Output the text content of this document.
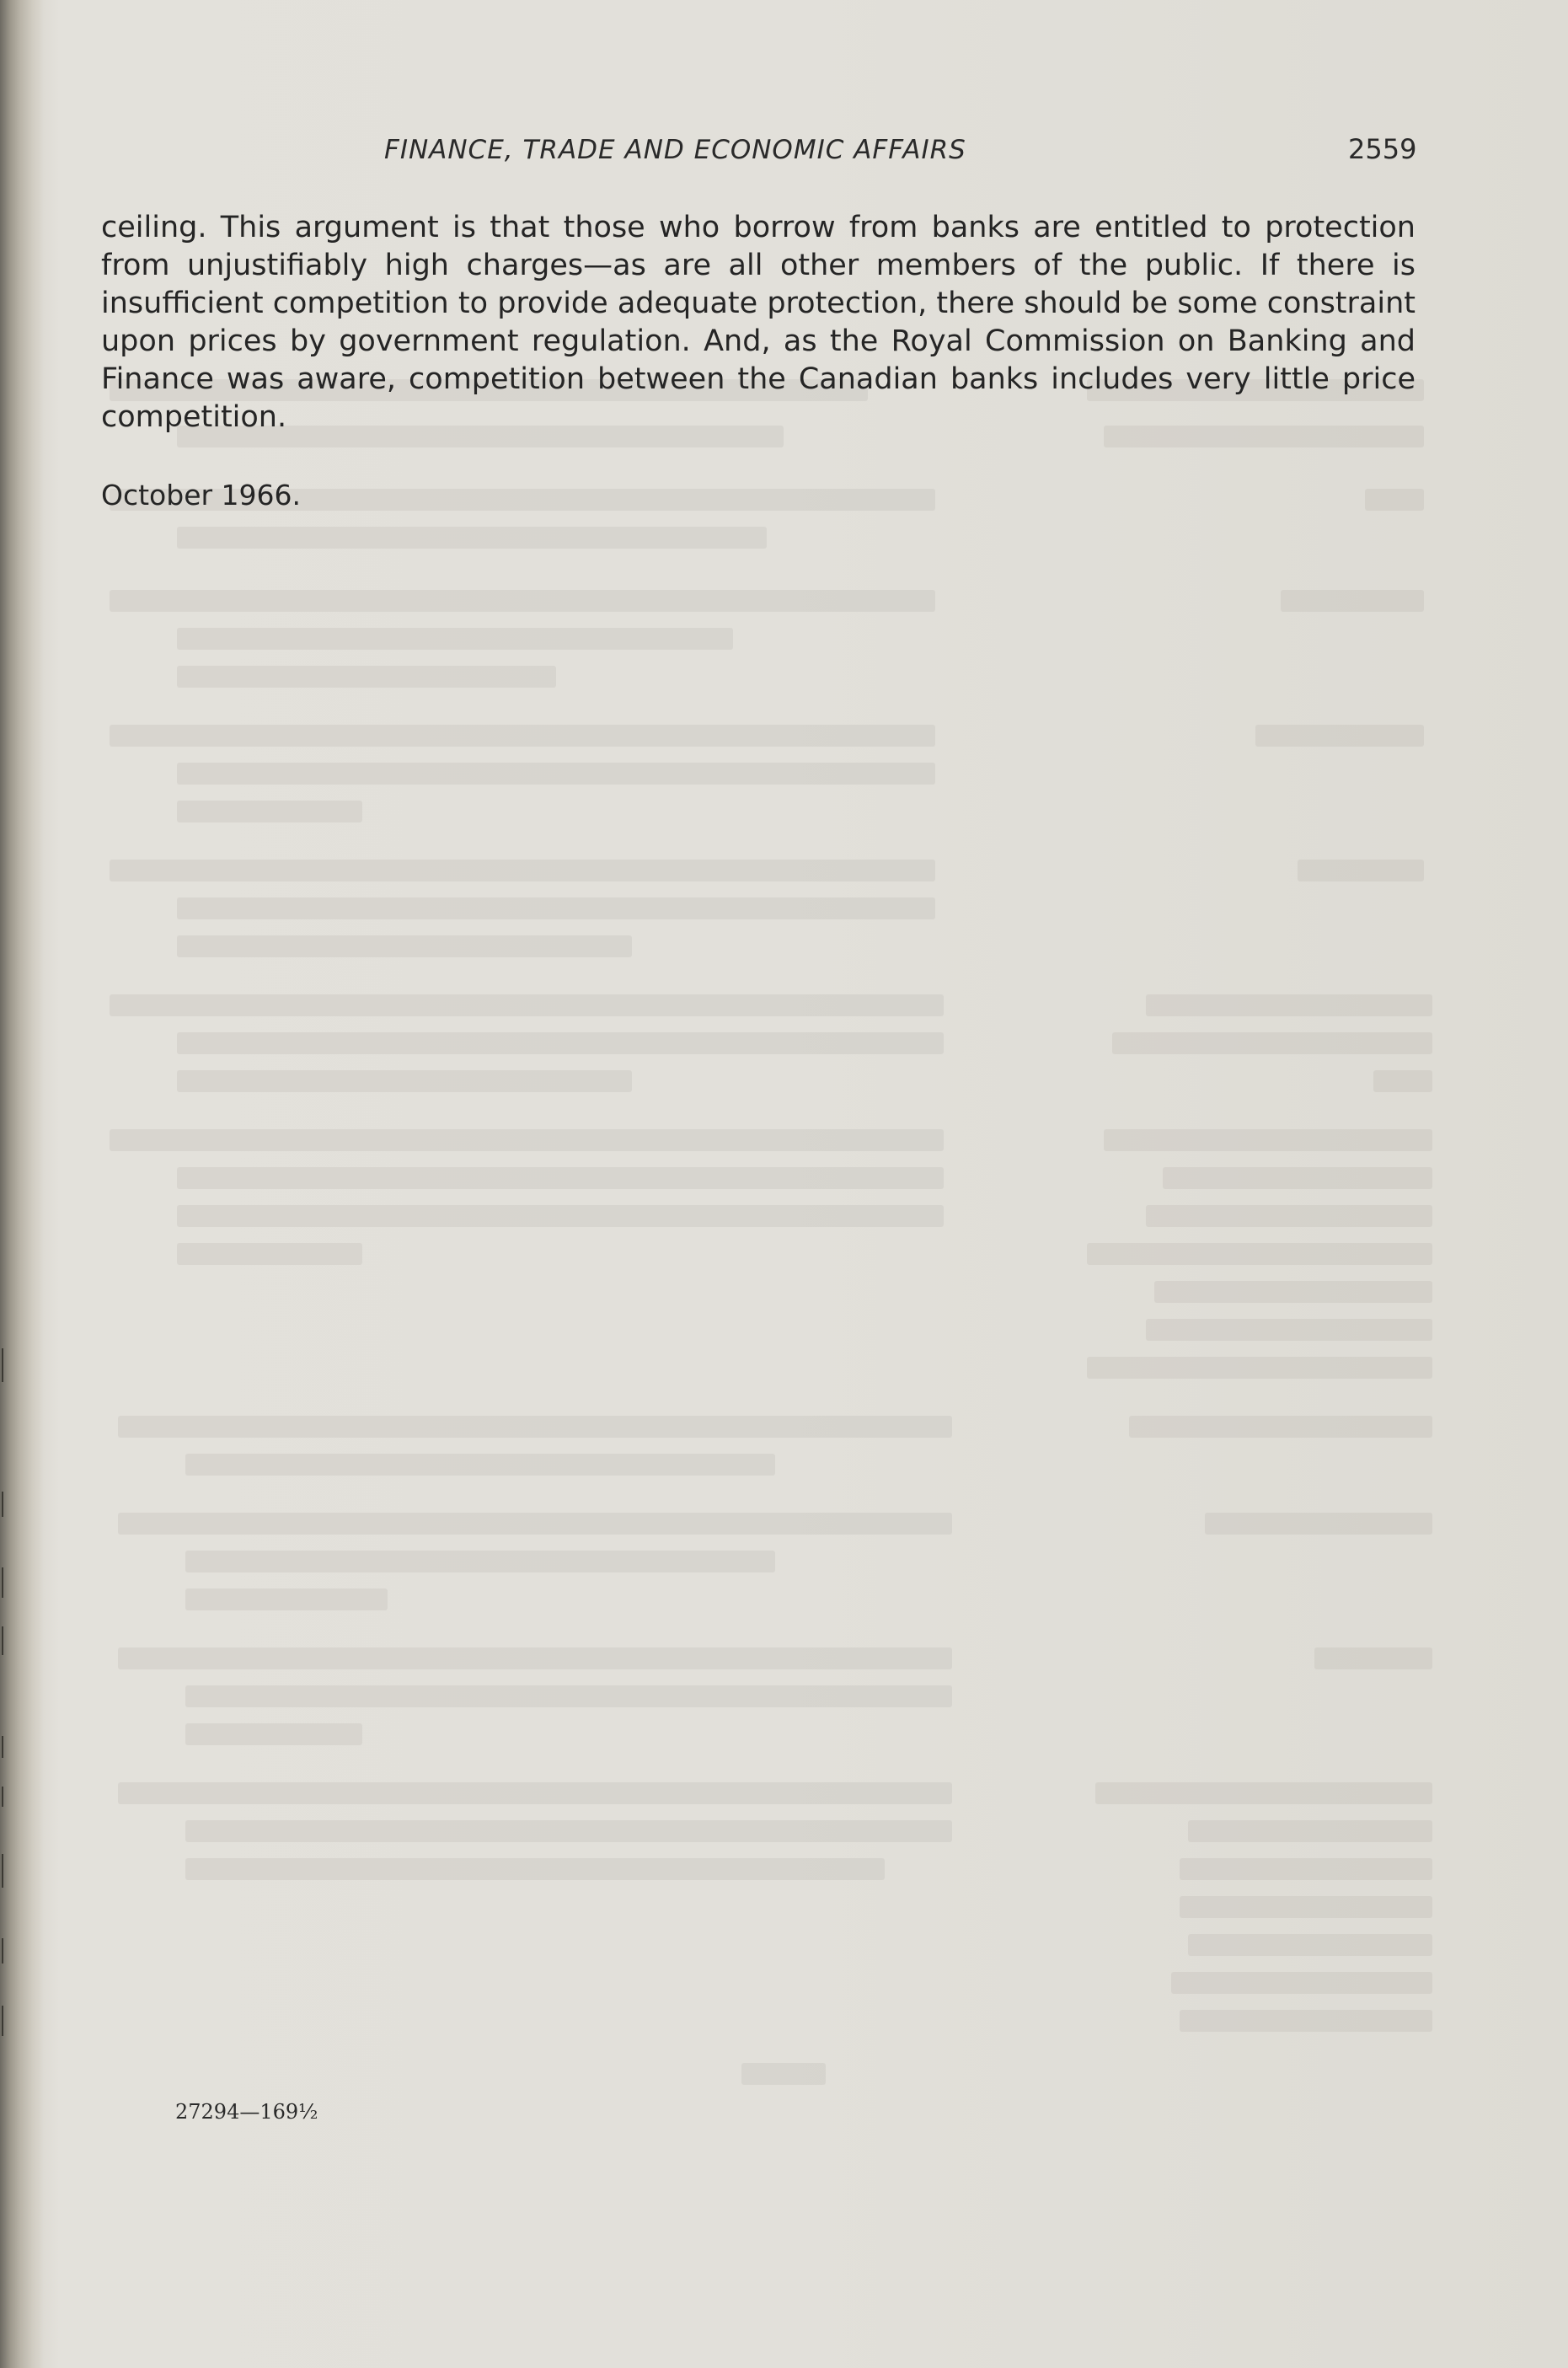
FINANCE, TRADE AND ECONOMIC AFFAIRS	2559

ceiling. This argument is that those who borrow from banks are entitled to protection from unjustifiably high charges—as are all other members of the public. If there is insufficient competition to provide adequate protection, there should be some constraint upon prices by government regulation. And, as the Royal Commission on Banking and Finance was aware, competition between the Canadian banks includes very little price competition.

October 1966.
27294—169½
